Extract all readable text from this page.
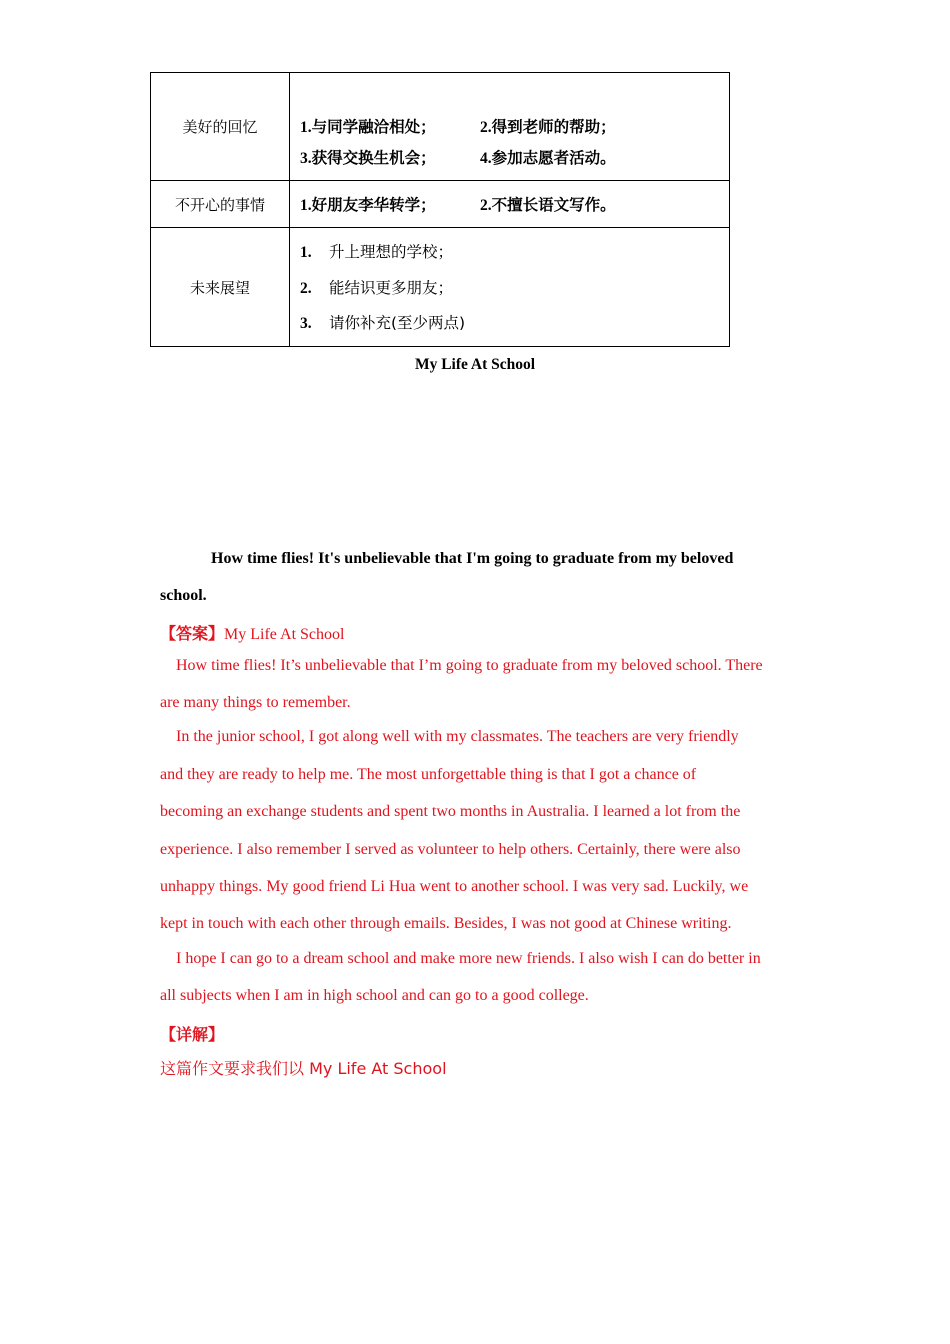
美好的回忆	1.与同学融洽相处； 2.得到老师的帮助；
3.获得交换生机会； 4.参加志愿者活动。

不开心的事情	1.好朋友李华转学； 2.不擅长语文写作。

未来展望	1. 升上理想的学校；
2. 能结识更多朋友；
3. 请你补充(至少两点)
My Life At School
How time flies! It's unbelievable that I'm going to graduate from my beloved
school.
【答案】My Life At School
How time flies! It’s unbelievable that I’m going to graduate from my beloved school. There
are many things to remember.
In the junior school, I got along well with my classmates. The teachers are very friendly
and they are ready to help me. The most unforgettable thing is that I got a chance of
becoming an exchange students and spent two months in Australia. I learned a lot from the
experience. I also remember I served as volunteer to help others. Certainly, there were also
unhappy things. My good friend Li Hua went to another school. I was very sad. Luckily, we
kept in touch with each other through emails. Besides, I was not good at Chinese writing.
I hope I can go to a dream school and make more new friends. I also wish I can do better in
all subjects when I am in high school and can go to a good college.
【详解】
这篇作文要求我们以 My Life At School
